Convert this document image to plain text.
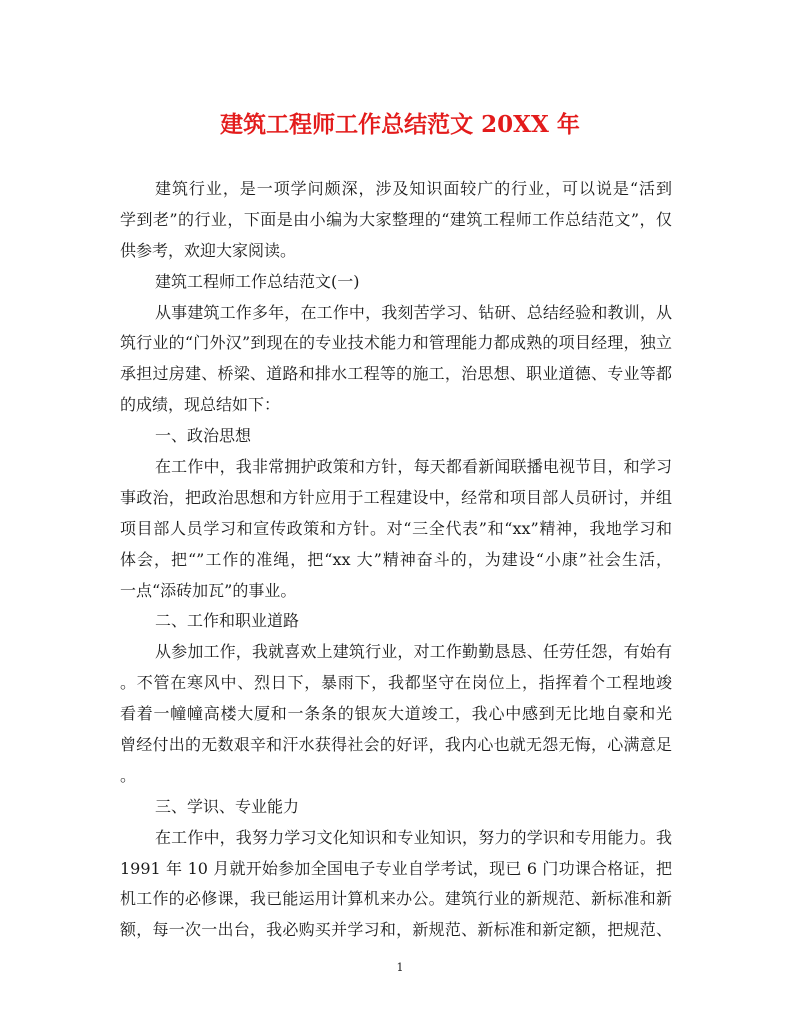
建筑工程师工作总结范文 20XX 年
建筑行业，是一项学问颇深，涉及知识面较广的行业，可以说是“活到
学到老”的行业，下面是由小编为大家整理的“建筑工程师工作总结范文”，仅
供参考，欢迎大家阅读。
建筑工程师工作总结范文(一)
从事建筑工作多年，在工作中，我刻苦学习、钻研、总结经验和教训，从
筑行业的“门外汉”到现在的专业技术能力和管理能力都成熟的项目经理，独立
承担过房建、桥梁、道路和排水工程等的施工，治思想、职业道德、专业等都
的成绩，现总结如下：
一、政治思想
在工作中，我非常拥护政策和方针，每天都看新闻联播电视节目，和学习
事政治，把政治思想和方针应用于工程建设中，经常和项目部人员研讨，并组
项目部人员学习和宣传政策和方针。对“三全代表”和“xx”精神，我地学习和
体会，把“”工作的准绳，把“xx 大”精神奋斗的，为建设“小康”社会生活，
一点“添砖加瓦”的事业。
二、工作和职业道路
从参加工作，我就喜欢上建筑行业，对工作勤勤恳恳、任劳任怨，有始有
。不管在寒风中、烈日下，暴雨下，我都坚守在岗位上，指挥着个工程地竣
看着一幢幢高楼大厦和一条条的银灰大道竣工，我心中感到无比地自豪和光
曾经付出的无数艰辛和汗水获得社会的好评，我内心也就无怨无悔，心满意足
。
三、学识、专业能力
在工作中，我努力学习文化知识和专业知识，努力的学识和专用能力。我
1991 年 10 月就开始参加全国电子专业自学考试，现已 6 门功课合格证，把
机工作的必修课，我已能运用计算机来办公。建筑行业的新规范、新标准和新
额，每一次一出台，我必购买并学习和，新规范、新标准和新定额，把规范、
1
